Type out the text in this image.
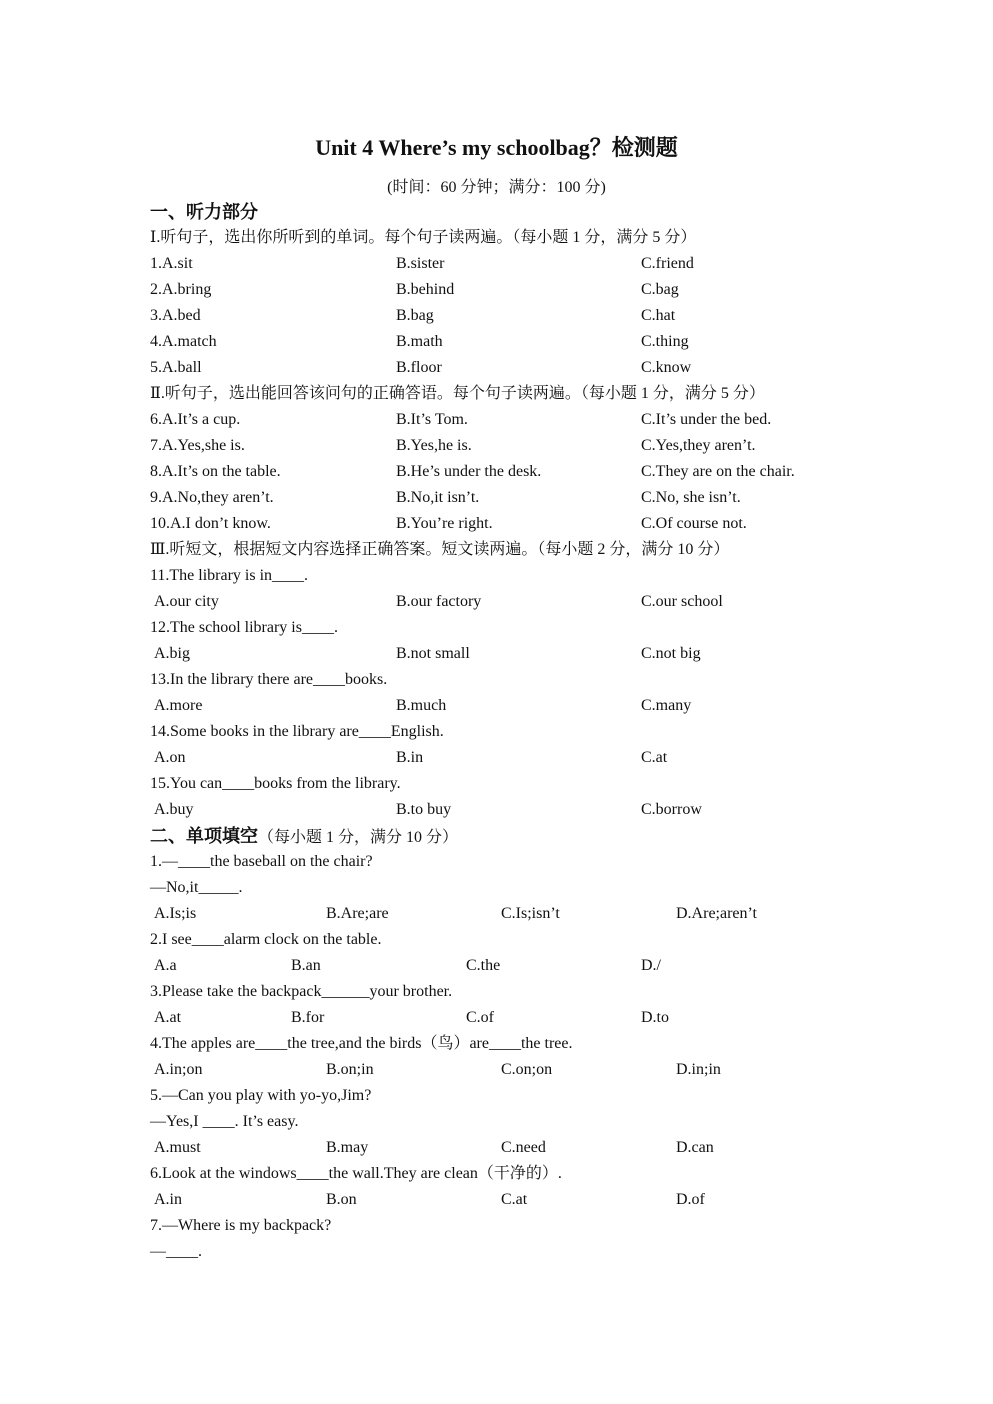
Unit 4 Where’s my schoolbag？检测题
(时间：60 分钟；满分：100 分)
一、听力部分
Ⅰ.听句子，选出你所听到的单词。每个句子读两遍。（每小题 1 分，满分 5 分）
1.A.sit	B.sister	C.friend
2.A.bring	B.behind	C.bag
3.A.bed	B.bag	C.hat
4.A.match	B.math	C.thing
5.A.ball	B.floor	C.know
Ⅱ.听句子，选出能回答该问句的正确答语。每个句子读两遍。（每小题 1 分，满分 5 分）
6.A.It’s a cup.	B.It’s Tom.	C.It’s under the bed.
7.A.Yes,she is.	B.Yes,he is.	C.Yes,they aren’t.
8.A.It’s on the table.	B.He’s under the desk.	C.They are on the chair.
9.A.No,they aren’t.	B.No,it isn’t.	C.No, she isn’t.
10.A.I don’t know.	B.You’re right.	C.Of course not.
Ⅲ.听短文，根据短文内容选择正确答案。短文读两遍。（每小题 2 分，满分 10 分）
11.The library is in____.
A.our city	B.our factory	C.our school
12.The school library is____.
A.big	B.not small	C.not big
13.In the library there are____books.
A.more	B.much	C.many
14.Some books in the library are____English.
A.on	B.in	C.at
15.You can____books from the library.
A.buy	B.to buy	C.borrow
二、单项填空（每小题 1 分，满分 10 分）
1.—____the baseball on the chair?
—No,it_____.
A.Is;is	B.Are;are	C.Is;isn’t	D.Are;aren’t
2.I see____alarm clock on the table.
A.a	B.an	C.the	D./
3.Please take the backpack______your brother.
A.at	B.for	C.of	D.to
4.The apples are____the tree,and the birds（鸟）are____the tree.
A.in;on	B.on;in	C.on;on	D.in;in
5.—Can you play with yo-yo,Jim?
—Yes,I ____. It’s easy.
A.must	B.may	C.need	D.can
6.Look at the windows____the wall.They are clean（干净的）.
A.in	B.on	C.at	D.of
7.—Where is my backpack?
—____.
